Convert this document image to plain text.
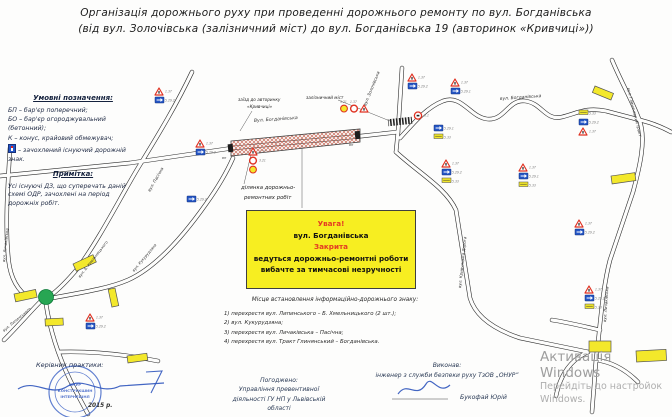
БП
БП
1.37
5.29.2
1.37
5.29.2
5.29.2
1.37
3.21
3.21 1.37
3.1
5.29.1
5.33
1.37
5.29.2
1.37
5.29.1
1.37
5.29.2
5.33
1.37
5.29.1
5.33
5.33
5.29.2
1.37
1.37
5.29.2
1.37
5.29.2
5.33
1.37
5.29.2
Вул. Богданівська
вул. Золочівська	вул. Богданівська	вул. Глинянський тракт
вул. Кривчицька Дорога
вул. Личаківська
вул. Пасічна
вул. Б. Хмельницького
вул. Липинського
вул. Кукурудзяна
вул. Личаківська
заїзд до авторинку
«Кривчиці»
залізничний міст
ділянка дорожньо-
ремонтних робіт
ОНУР
КОНСТРУКШИН
ІНТЕРНЕШНЛ
Організація дорожнього руху при проведенні дорожнього ремонту по вул. Богданівська
(від вул. Золочівська (залізничний міст) до вул. Богданівська 19 (авторинок «Кривчиці»))
Умовні позначення:
БП – бар'єр поперечний;
БО – бар'єр огороджувальний (бетонний);
К – конус, крайовий обмежувач;
– зачохлений існуючий дорожній знак.
Примітка:
Усі існуючі ДЗ, що суперечать даній схемі ОДР, зачохлені на період дорожніх робіт.
Увага!
вул. Богданівська
Закрита
ведуться дорожньо-ремонтні роботи
вибачте за тимчасові незручності
Місце встановлення інформаційно-дорожнього знаку:
1) перехрестя вул. Липинського – Б. Хмельницького (2 шт.);
2) вул. Кукурудзяна;
3) перехрестя вул. Личаківська – Пасічна;
4) перехрестя вул. Тракт Глинянський – Богданівська.
Керівник практики:
2015 р.
Погоджено:
Управління превентивної
діяльності ГУ НП у Львівській
області
Виконав:
інженер з служби безпеки руху ТзОВ „ОНУР”
Букофай Юрій
Активація Windows
Перейдіть до настройок
Windows.
